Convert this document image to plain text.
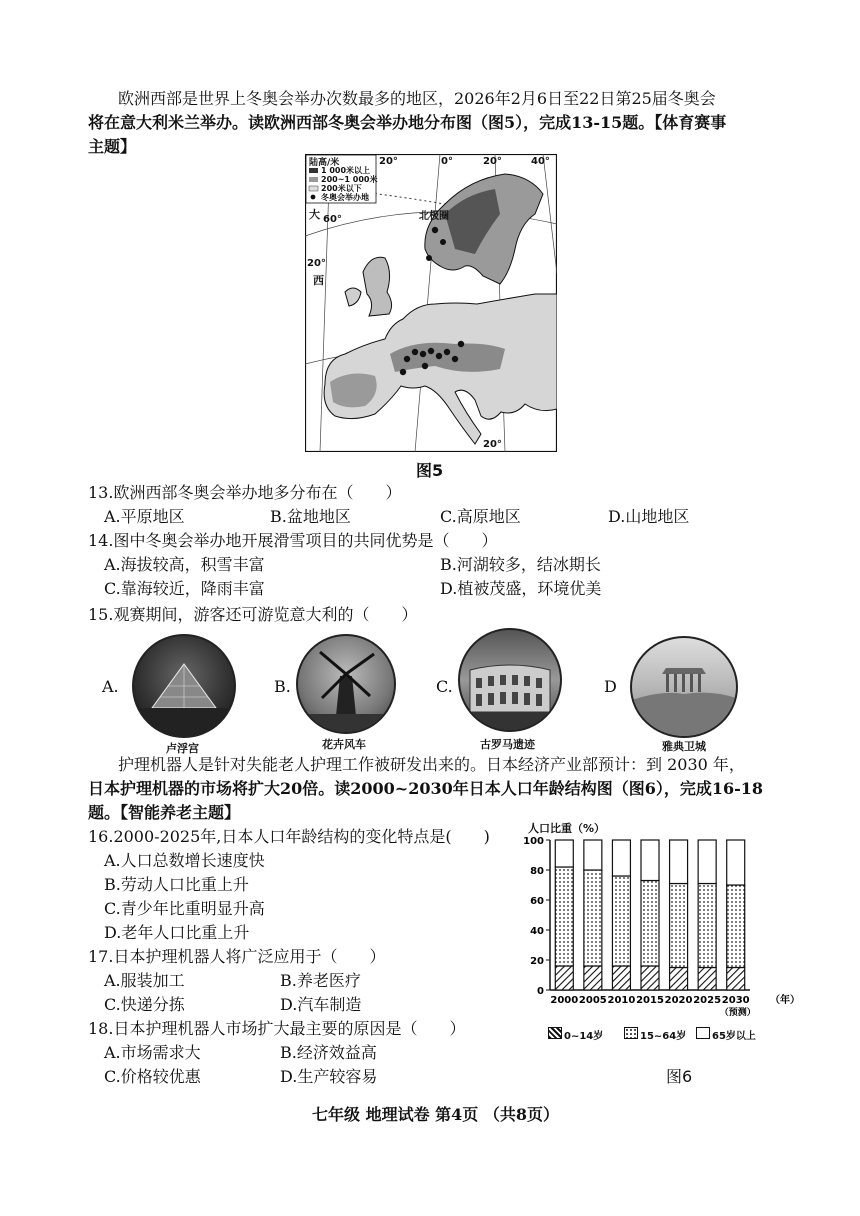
欧洲西部是世界上冬奥会举办次数最多的地区，2026年2月6日至22日第25届冬奥会
将在意大利米兰举办。读欧洲西部冬奥会举办地分布图（图5），完成13-15题。【体育赛事
主题】
陆高/米
1 000米以上
200~1 000米
200米以下
冬奥会举办地
20°	0°	20°	40°
20°
60°
20°
北极圈
大
西
图5
13.欧洲西部冬奥会举办地多分布在（　　）
A.平原地区	B.盆地地区	C.高原地区	D.山地地区
14.图中冬奥会举办地开展滑雪项目的共同优势是（　　）
A.海拔较高，积雪丰富	B.河湖较多，结冰期长
C.靠海较近，降雨丰富	D.植被茂盛，环境优美
15.观赛期间，游客还可游览意大利的（　　）
A.
卢浮宫
B.
花卉风车
C.
古罗马遗迹
D
雅典卫城
护理机器人是针对失能老人护理工作被研发出来的。日本经济产业部预计：到 2030 年，
日本护理机器的市场将扩大20倍。读2000~2030年日本人口年龄结构图（图6），完成16-18
题。【智能养老主题】
16.2000-2025年,日本人口年龄结构的变化特点是(　　)
A.人口总数增长速度快
B.劳动人口比重上升
C.青少年比重明显升高
D.老年人口比重上升
17.日本护理机器人将广泛应用于（　　）
A.服装加工	B.养老医疗
C.快递分拣	D.汽车制造
18.日本护理机器人市场扩大最主要的原因是（　　）
A.市场需求大	B.经济效益高
C.价格较优惠	D.生产较容易
人口比重（%）
0
20
40
60
80
100
2000 2005 2010 2015 2020 2025 2030
（预测）
（年）
0~14岁	15~64岁	65岁以上
图6
七年级 地理试卷 第4页 （共8页）
